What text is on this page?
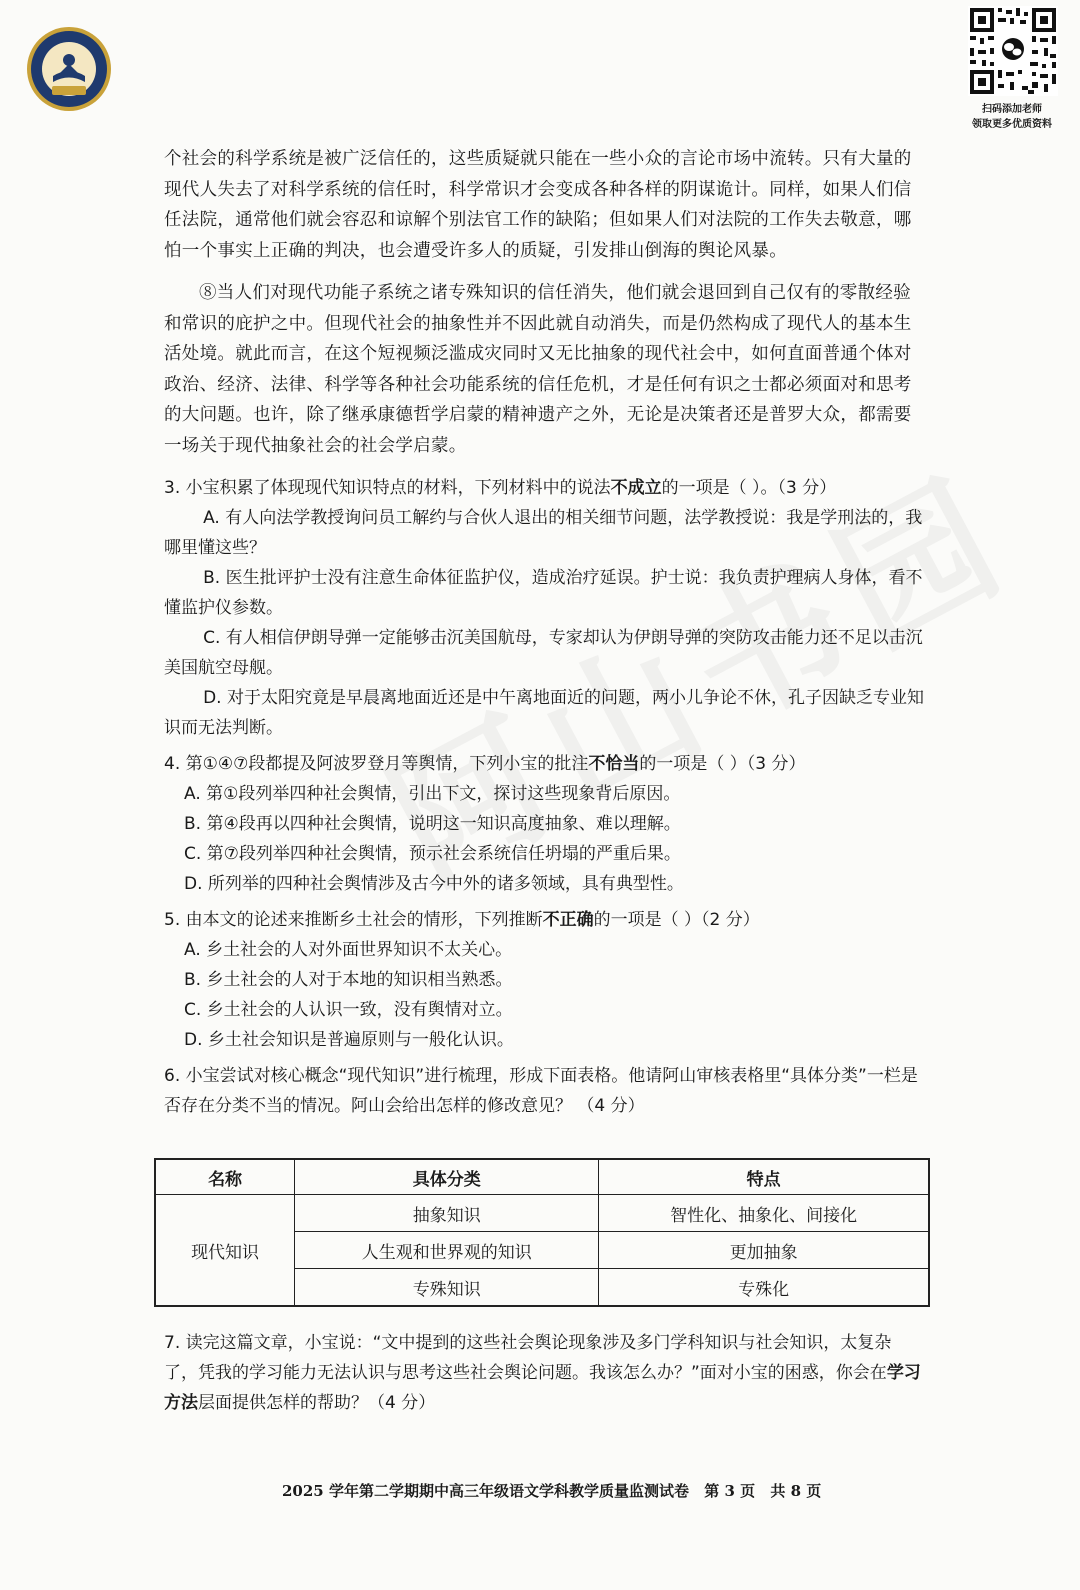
扫码添加老师
领取更多优质资料

个社会的科学系统是被广泛信任的，这些质疑就只能在一些小众的言论市场中流转。只有大量的现代人失去了对科学系统的信任时，科学常识才会变成各种各样的阴谋诡计。同样，如果人们信任法院，通常他们就会容忍和谅解个别法官工作的缺陷；但如果人们对法院的工作失去敬意，哪怕一个事实上正确的判决，也会遭受许多人的质疑，引发排山倒海的舆论风暴。

⑧当人们对现代功能子系统之诸专殊知识的信任消失，他们就会退回到自己仅有的零散经验和常识的庇护之中。但现代社会的抽象性并不因此就自动消失，而是仍然构成了现代人的基本生活处境。就此而言，在这个短视频泛滥成灾同时又无比抽象的现代社会中，如何直面普通个体对政治、经济、法律、科学等各种社会功能系统的信任危机，才是任何有识之士都必须面对和思考的大问题。也许，除了继承康德哲学启蒙的精神遗产之外，无论是决策者还是普罗大众，都需要一场关于现代抽象社会的社会学启蒙。

3. 小宝积累了体现现代知识特点的材料，下列材料中的说法不成立的一项是（ ）。（3 分）

A. 有人向法学教授询问员工解约与合伙人退出的相关细节问题，法学教授说：我是学刑法的，我哪里懂这些？

B. 医生批评护士没有注意生命体征监护仪，造成治疗延误。护士说：我负责护理病人身体，看不懂监护仪参数。

C. 有人相信伊朗导弹一定能够击沉美国航母，专家却认为伊朗导弹的突防攻击能力还不足以击沉美国航空母舰。

D. 对于太阳究竟是早晨离地面近还是中午离地面近的问题，两小儿争论不休，孔子因缺乏专业知识而无法判断。

4. 第①④⑦段都提及阿波罗登月等舆情，下列小宝的批注不恰当的一项是（ ）（3 分）

A. 第①段列举四种社会舆情，引出下文，探讨这些现象背后原因。

B. 第④段再以四种社会舆情，说明这一知识高度抽象、难以理解。

C. 第⑦段列举四种社会舆情，预示社会系统信任坍塌的严重后果。

D. 所列举的四种社会舆情涉及古今中外的诸多领域，具有典型性。

5. 由本文的论述来推断乡土社会的情形，下列推断不正确的一项是（ ）（2 分）

A. 乡土社会的人对外面世界知识不太关心。

B. 乡土社会的人对于本地的知识相当熟悉。

C. 乡土社会的人认识一致，没有舆情对立。

D. 乡土社会知识是普遍原则与一般化认识。

6. 小宝尝试对核心概念“现代知识”进行梳理，形成下面表格。他请阿山审核表格里“具体分类”一栏是否存在分类不当的情况。阿山会给出怎样的修改意见？ （4 分）

名称	具体分类	特点
现代知识	抽象知识	智性化、抽象化、间接化
	人生观和世界观的知识	更加抽象
	专殊知识	专殊化

7. 读完这篇文章，小宝说：“文中提到的这些社会舆论现象涉及多门学科知识与社会知识，太复杂了，凭我的学习能力无法认识与思考这些社会舆论问题。我该怎么办？”面对小宝的困惑，你会在学习方法层面提供怎样的帮助？（4 分）

2025 学年第二学期期中高三年级语文学科教学质量监测试卷 第 3 页 共 8 页
